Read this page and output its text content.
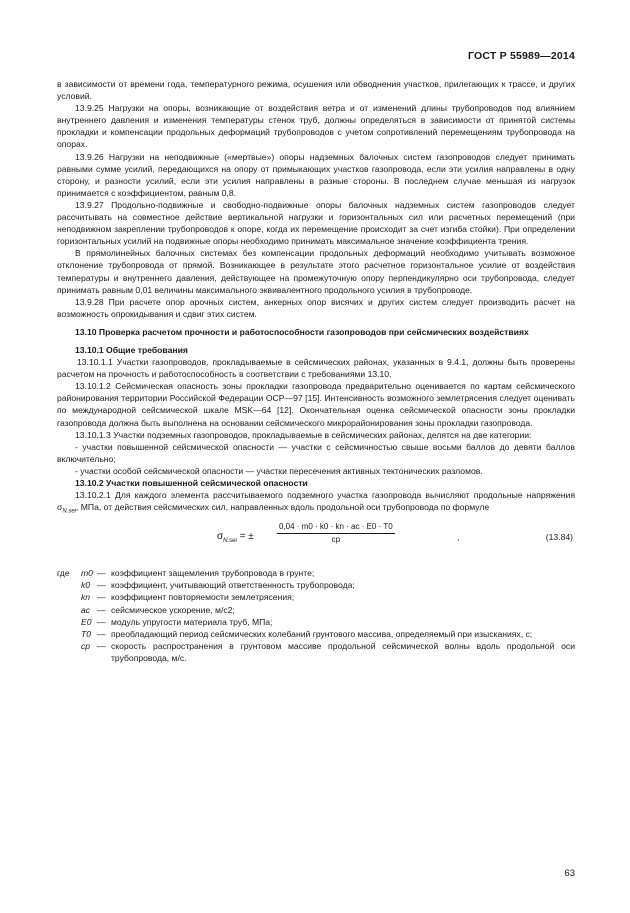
ГОСТ Р 55989—2014

в зависимости от времени года, температурного режима, осушения или обводнения участков, прилегающих к трассе, и других условий.

13.9.25 Нагрузки на опоры, возникающие от воздействия ветра и от изменений длины трубопроводов под влиянием внутреннего давления и изменения температуры стенок труб, должны определяться в зависимости от принятой системы прокладки и компенсации продольных деформаций трубопроводов с учетом сопротивлений перемещениям трубопровода на опорах.

13.9.26 Нагрузки на неподвижные («мертвые») опоры надземных балочных систем газопроводов следует принимать равными сумме усилий, передающихся на опору от примыкающих участков газопровода, если эти усилия направлены в одну сторону, и разности усилий, если эти усилия направлены в разные стороны. В последнем случае меньшая из нагрузок принимается с коэффициентом, равным 0,8.

13.9.27 Продольно-подвижные и свободно-подвижные опоры балочных надземных систем газопроводов следует рассчитывать на совместное действие вертикальной нагрузки и горизонтальных сил или расчетных перемещений (при неподвижном закреплении трубопроводов к опоре, когда их перемещение происходит за счет изгиба стойки). При определении горизонтальных усилий на подвижные опоры необходимо принимать максимальное значение коэффициента трения.

В прямолинейных балочных системах без компенсации продольных деформаций необходимо учитывать возможное отклонение трубопровода от прямой. Возникающее в результате этого расчетное горизонтальное усилие от воздействия температуры и внутреннего давления, действующее на промежуточную опору перпендикулярно оси трубопровода, следует принимать равным 0,01 величины максимального эквивалентного продольного усилия в трубопроводе.

13.9.28 При расчете опор арочных систем, анкерных опор висячих и других систем следует производить расчет на возможность опрокидывания и сдвиг этих систем.

13.10 Проверка расчетом прочности и работоспособности газопроводов при сейсмических воздействиях

13.10.1 Общие требования

13.10.1.1 Участки газопроводов, прокладываемые в сейсмических районах, указанных в 9.4.1, должны быть проверены расчетом на прочность и работоспособность в соответствии с требованиями 13.10.

13.10.1.2 Сейсмическая опасность зоны прокладки газопровода предварительно оценивается по картам сейсмического районирования территории Российской Федерации ОСР—97 [15]. Интенсивность возможного землетрясения следует оценивать по международной сейсмической шкале MSK—64 [12]. Окончательная оценка сейсмической опасности зоны прокладки газопровода должна быть выполнена на основании сейсмического микрорайонирования зоны прокладки газопровода.

13.10.1.3 Участки подземных газопроводов, прокладываемые в сейсмических районах, делятся на две категории:

- участки повышенной сейсмической опасности — участки с сейсмичностью свыше восьми баллов до девяти баллов включительно;

- участки особой сейсмической опасности — участки пересечения активных тектонических разломов.

13.10.2 Участки повышенной сейсмической опасности

13.10.2.1 Для каждого элемента рассчитываемого подземного участка газопровода вычисляют продольные напряжения $\sigma_{N.sei}$, МПа, от действия сейсмических сил, направленных вдоль продольной оси трубопровода по формуле

$\sigma_{N.sei}$ = ±	$\frac{0,04 \cdot m0 \cdot k0 \cdot kn \cdot ac \cdot E0 \cdot T0}{cp}$	,	(13.84)
где	m0 — коэффициент защемления трубопровода в грунте;
k0 — коэффициент, учитывающий ответственность трубопровода;
kn — коэффициент повторяемости землетрясения;
ac — сейсмическое ускорение, м/с2;
E0 — модуль упругости материала труб, МПа;
T0 — преобладающий период сейсмических колебаний грунтового массива, определяемый при изысканиях, с;
cp — скорость распространения в грунтовом массиве продольной сейсмической волны вдоль продольной оси трубопровода, м/с.
63
